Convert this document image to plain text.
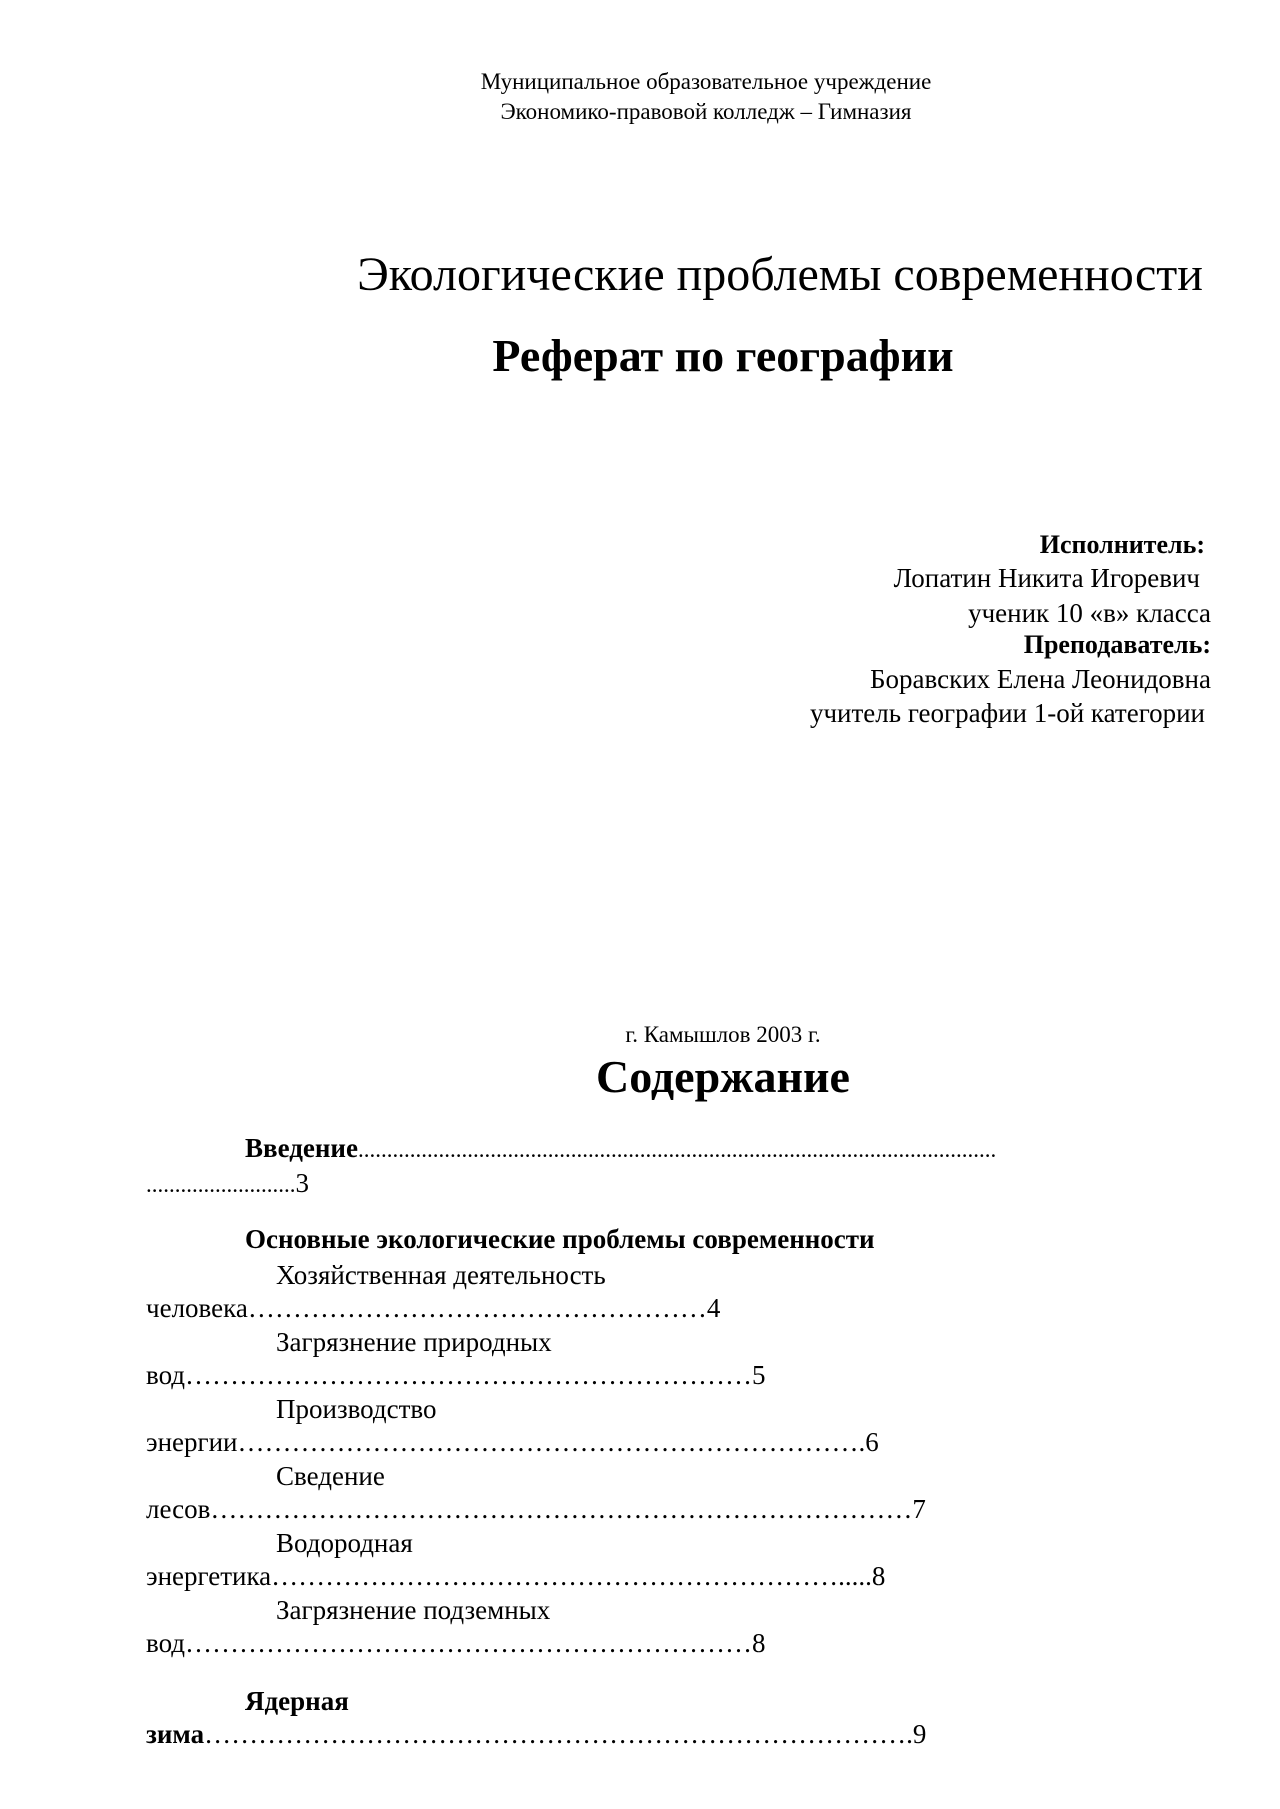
Муниципальное образовательное учреждение
Экономико-правовой колледж – Гимназия
Экологические проблемы современности
Реферат по географии
Исполнитель:
Лопатин Никита Игоревич
ученик 10 «в» класса
Преподаватель:
Боравских Елена Леонидовна
учитель географии 1-ой категории
г. Камышлов 2003 г.
Содержание
Введение...............................................................................................................
..........................3
Основные экологические проблемы современности
Хозяйственная деятельность
человека……………………………………………4
Загрязнение природных
вод………………………………………………………5
Производство
энергии…………………………………………………………….6
Сведение
лесов……………………………………………………………………7
Водородная
энергетика……………………………………………………….....8
Загрязнение подземных
вод………………………………………………………8
Ядерная
зима…………………………………………………………………….9
